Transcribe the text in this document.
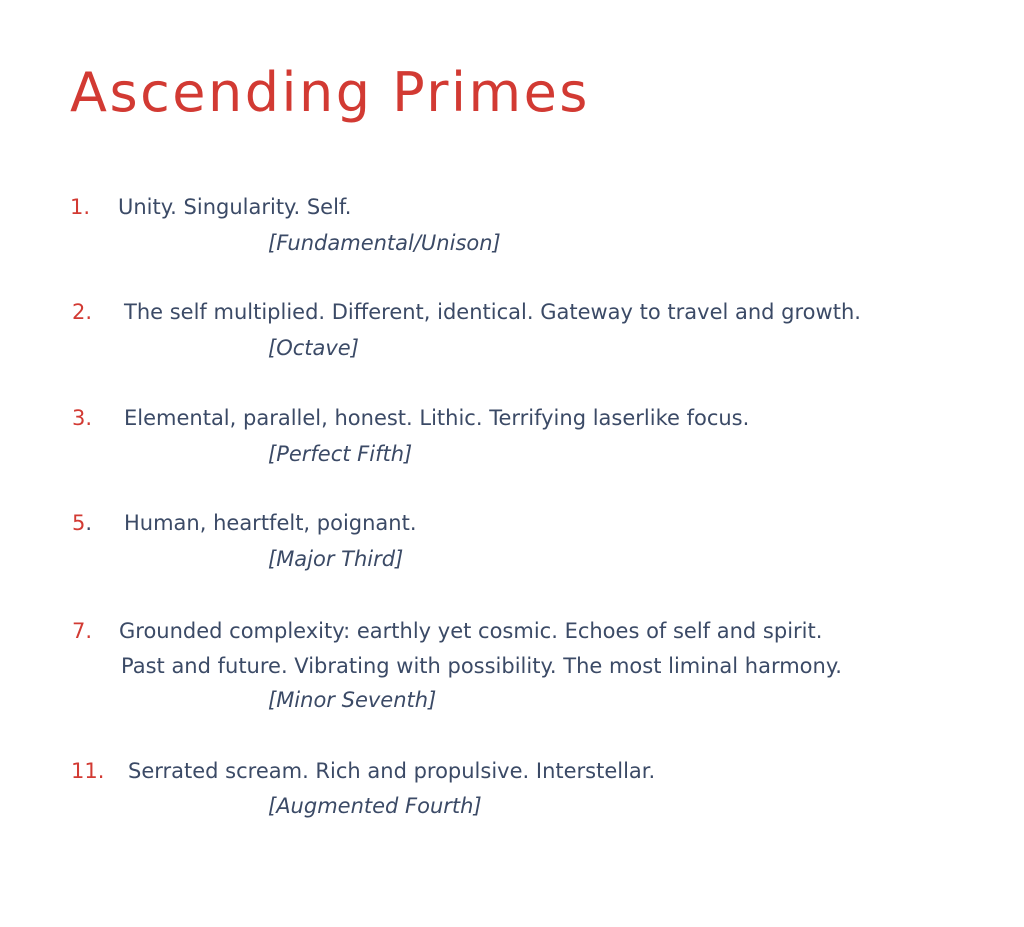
Ascending Primes
1. Unity. Singularity. Self.
[Fundamental/Unison]
2. The self multiplied. Different, identical. Gateway to travel and growth.
[Octave]
3. Elemental, parallel, honest. Lithic. Terrifying laserlike focus.
[Perfect Fifth]
5. Human, heartfelt, poignant.
[Major Third]
7. Grounded complexity: earthly yet cosmic. Echoes of self and spirit.
Past and future. Vibrating with possibility. The most liminal harmony.
[Minor Seventh]
11. Serrated scream. Rich and propulsive. Interstellar.
[Augmented Fourth]
